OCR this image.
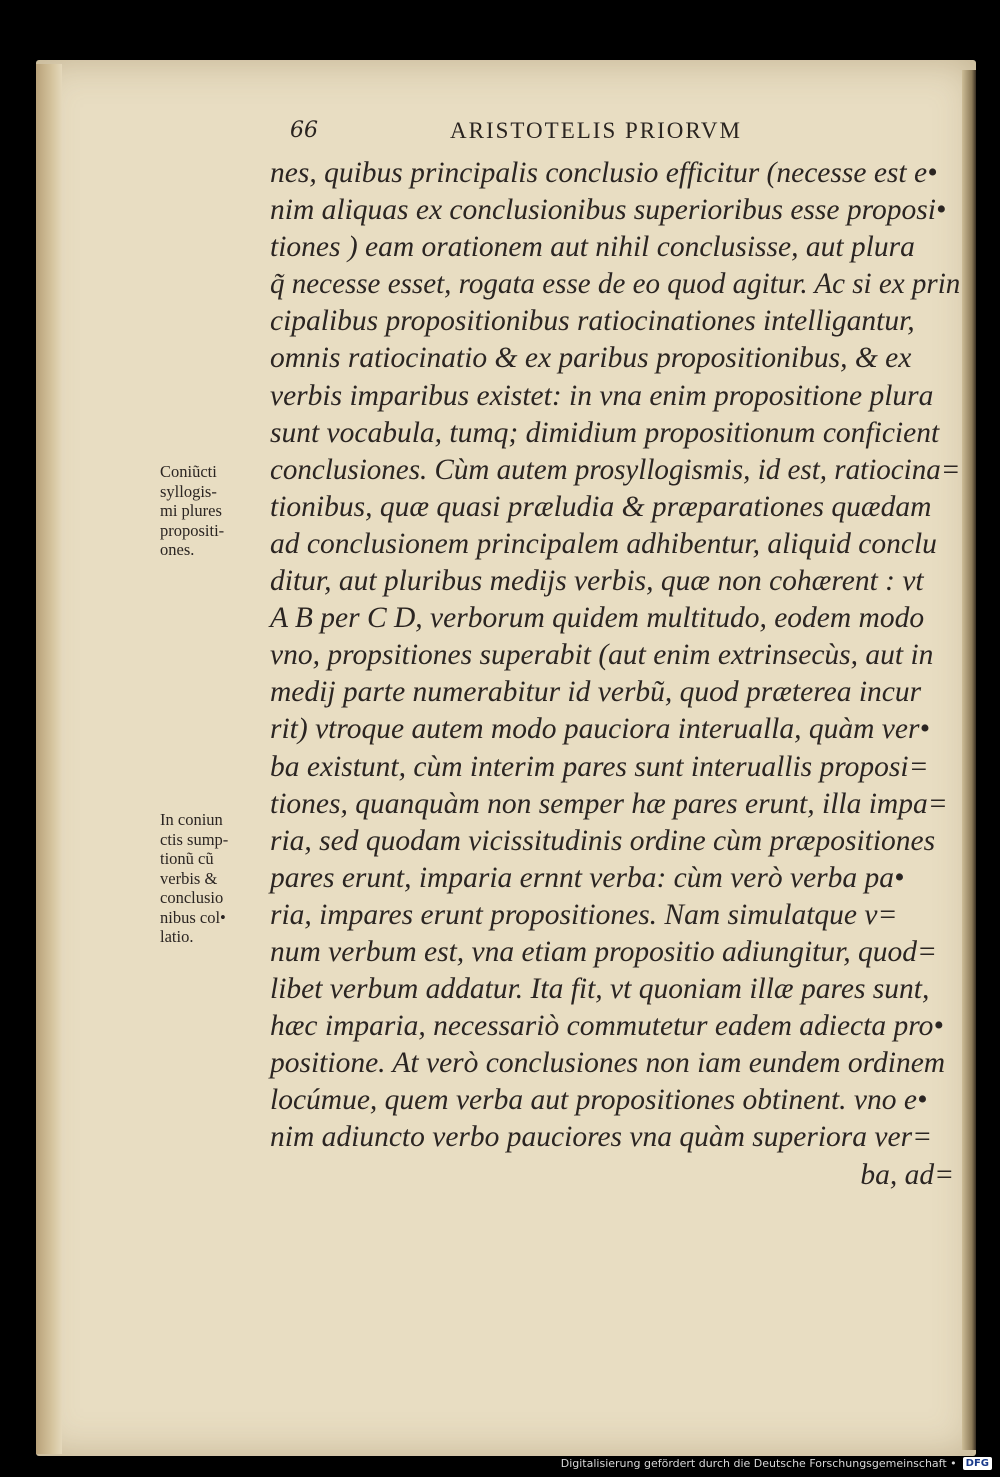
66	ARISTOTELIS PRIORVM
Coniũcti
syllogis-
mi plures
propositi-
ones.
In coniun
ctis sump-
tionũ cũ
verbis &
conclusio
nibus col•
latio.
nes, quibus principalis conclusio efficitur (necesse est e•
nim aliquas ex conclusionibus superioribus esse proposi•
tiones ) eam orationem aut nihil conclusisse, aut plura
q̃ necesse esset, rogata esse de eo quod agitur. Ac si ex prin
cipalibus propositionibus ratiocinationes intelligantur,
omnis ratiocinatio & ex paribus propositionibus, & ex
verbis imparibus existet: in vna enim propositione plura
sunt vocabula, tumq; dimidium propositionum conficient
conclusiones. Cùm autem prosyllogismis, id est, ratiocina=
tionibus, quæ quasi præludia & præparationes quædam
ad conclusionem principalem adhibentur, aliquid conclu
ditur, aut pluribus medijs verbis, quæ non cohærent : vt
A B per C D, verborum quidem multitudo, eodem modo
vno, propsitiones superabit (aut enim extrinsecùs, aut in
medij parte numerabitur id verbũ, quod præterea incur
rit) vtroque autem modo pauciora interualla, quàm ver•
ba existunt, cùm interim pares sunt interuallis proposi=
tiones, quanquàm non semper hæ pares erunt, illa impa=
ria, sed quodam vicissitudinis ordine cùm præpositiones
pares erunt, imparia ernnt verba: cùm verò verba pa•
ria, impares erunt propositiones. Nam simulatque v=
num verbum est, vna etiam propositio adiungitur, quod=
libet verbum addatur. Ita fit, vt quoniam illæ pares sunt,
hæc imparia, necessariò commutetur eadem adiecta pro•
positione. At verò conclusiones non iam eundem ordinem
locúmue, quem verba aut propositiones obtinent. vno e•
nim adiuncto verbo pauciores vna quàm superiora ver=
ba, ad=
Digitalisierung gefördert durch die Deutsche Forschungsgemeinschaft • DFG
